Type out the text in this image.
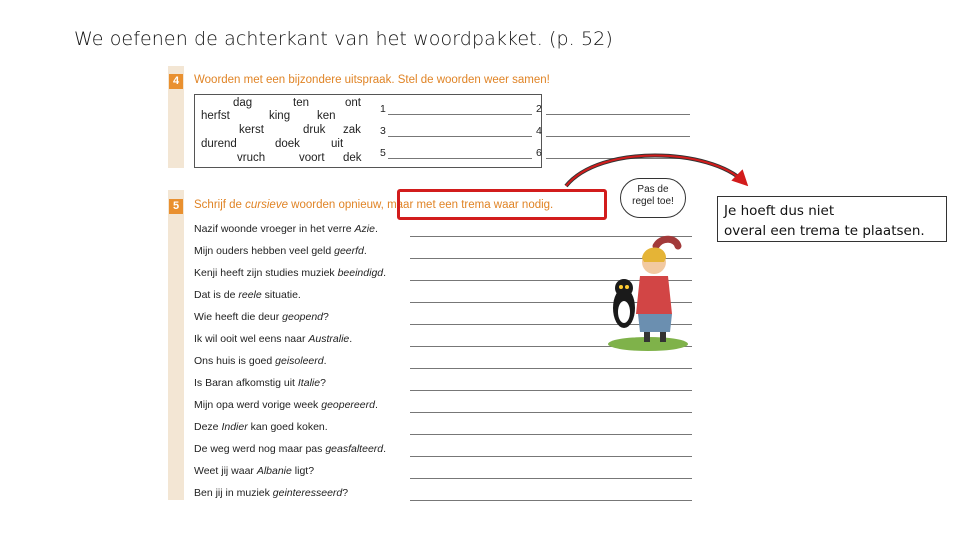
We oefenen de achterkant van het woordpakket. (p. 52)
4	Woorden met een bijzondere uitspraak. Stel de woorden weer samen!
dag	ten	ont
herfst	king ken
kerst	druk zak
durend	doek	uit
vruch	voort dek
1	2
3	4
5	6
5	Schrijf de cursieve woorden opnieuw, maar met een trema waar nodig.
Nazif woonde vroeger in het verre Azie.
Mijn ouders hebben veel geld geerfd.
Kenji heeft zijn studies muziek beeindigd.
Dat is de reele situatie.
Wie heeft die deur geopend?
Ik wil ooit wel eens naar Australie.
Ons huis is goed geisoleerd.
Is Baran afkomstig uit Italie?
Mijn opa werd vorige week geopereerd.
Deze Indier kan goed koken.
De weg werd nog maar pas geasfalteerd.
Weet jij waar Albanie ligt?
Ben jij in muziek geinteresseerd?
Pas de
regel toe!
Je hoeft dus niet
overal een trema te plaatsen.
